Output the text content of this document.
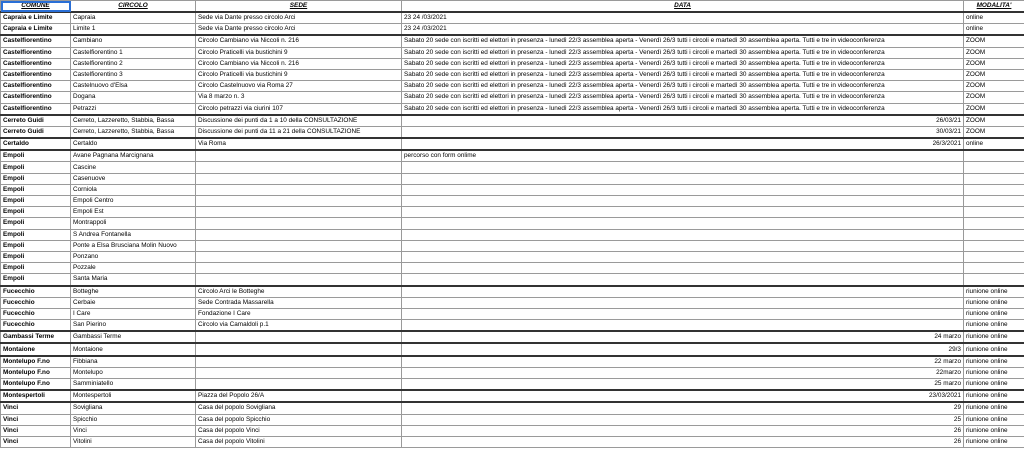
COMUNE	CIRCOLO	SEDE	DATA	MODALITA'
Capraia e Limite	Capraia	Sede via Dante presso circolo Arci	23 24 /03/2021	online
Capraia e Limite	Limite 1	Sede via Dante presso circolo Arci	23 24 /03/2021	online
Castelfiorentino	Cambiano	Circolo Cambiano via Niccoli n. 216	Sabato 20 sede con iscritti ed elettori in presenza - lunedì 22/3 assemblea aperta - Venerdì 26/3 tutti i circoli e martedì 30 assemblea aperta. Tutti e tre in videoconferenza	ZOOM
Castelfiorentino	Castelfiorentino 1	Circolo Praticelli via bustichini 9	Sabato 20 sede con iscritti ed elettori in presenza - lunedì 22/3 assemblea aperta - Venerdì 26/3 tutti i circoli e martedì 30 assemblea aperta. Tutti e tre in videoconferenza	ZOOM
Castelfiorentino	Castelfiorentino 2	Circolo Cambiano via Niccoli n. 216	Sabato 20 sede con iscritti ed elettori in presenza - lunedì 22/3 assemblea aperta - Venerdì 26/3 tutti i circoli e martedì 30 assemblea aperta. Tutti e tre in videoconferenza	ZOOM
Castelfiorentino	Castelfiorentino 3	Circolo Praticelli via bustichini 9	Sabato 20 sede con iscritti ed elettori in presenza - lunedì 22/3 assemblea aperta - Venerdì 26/3 tutti i circoli e martedì 30 assemblea aperta. Tutti e tre in videoconferenza	ZOOM
Castelfiorentino	Castelnuovo d'Elsa	Circolo Castelnuovo via Roma 27	Sabato 20 sede con iscritti ed elettori in presenza - lunedì 22/3 assemblea aperta - Venerdì 26/3 tutti i circoli e martedì 30 assemblea aperta. Tutti e tre in videoconferenza	ZOOM
Castelfiorentino	Dogana	Via 8 marzo n. 3	Sabato 20 sede con iscritti ed elettori in presenza - lunedì 22/3 assemblea aperta - Venerdì 26/3 tutti i circoli e martedì 30 assemblea aperta. Tutti e tre in videoconferenza	ZOOM
Castelfiorentino	Petrazzi	Circolo petrazzi via ciurini 107	Sabato 20 sede con iscritti ed elettori in presenza - lunedì 22/3 assemblea aperta - Venerdì 26/3 tutti i circoli e martedì 30 assemblea aperta. Tutti e tre in videoconferenza	ZOOM
Cerreto Guidi	Cerreto, Lazzeretto, Stabbia, Bassa	Discussione dei punti da 1 a 10 della CONSULTAZIONE	26/03/21	ZOOM
Cerreto Guidi	Cerreto, Lazzeretto, Stabbia, Bassa	Discussione dei punti da 11 a 21 della CONSULTAZIONE	30/03/21	ZOOM
Certaldo	Certaldo	Via Roma	26/3/2021	online
Empoli	Avane Pagnana Marcignana		percorso con form onlime	
Empoli	Cascine			
Empoli	Casenuove			
Empoli	Corniola			
Empoli	Empoli Centro			
Empoli	Empoli Est			
Empoli	Montrappoli			
Empoli	S Andrea Fontanella			
Empoli	Ponte a Elsa Brusciana Molin Nuovo			
Empoli	Ponzano			
Empoli	Pozzale			
Empoli	Santa Maria			
Fucecchio	Botteghe	Circolo Arci le Botteghe		riunione online
Fucecchio	Cerbaie	Sede Contrada Massarella		riunione online
Fucecchio	I Care	Fondazione I Care		riunione online
Fucecchio	San Pierino	Circolo via Camaldoli p.1		riunione online
Gambassi Terme	Gambassi Terme		24 marzo	riunione online
Montaione	Montaione		29/3	riunione online
Montelupo F.no	Fibbiana		22 marzo	riunione online
Montelupo F.no	Montelupo		22marzo	riunione online
Montelupo F.no	Samminiatello		25 marzo	riunione online
Montespertoli	Montespertoli	Piazza del Popolo 26/A	23/03/2021	riunione online
Vinci	Sovigliana	Casa del popolo Sovigliana	29	riunione online
Vinci	Spicchio	Casa del popolo Spicchio	25	riunione online
Vinci	Vinci	Casa del popolo Vinci	26	riunione online
Vinci	Vitolini	Casa del popolo Vitolini	26	riunione online
